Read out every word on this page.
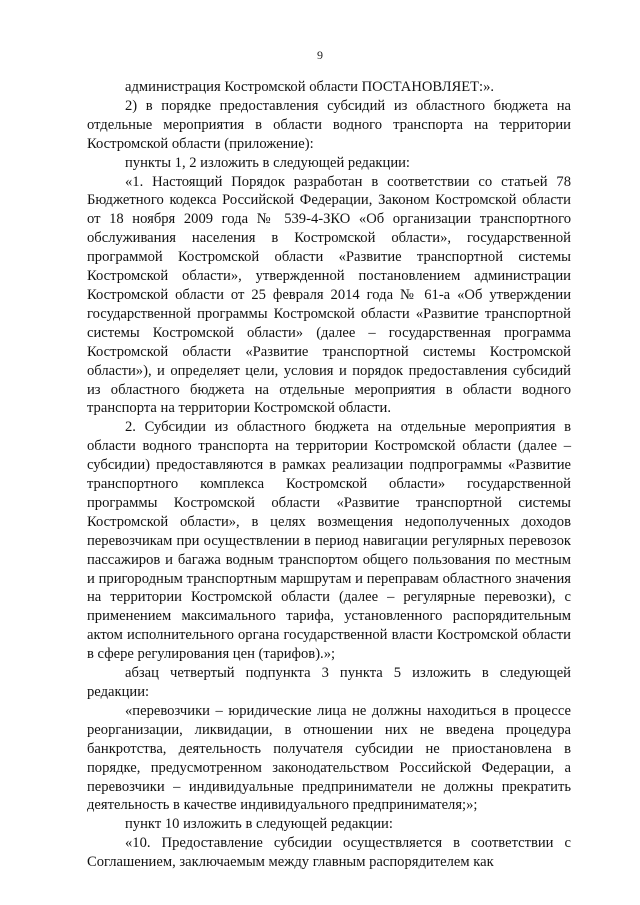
9

администрация Костромской области ПОСТАНОВЛЯЕТ:».

2) в порядке предоставления субсидий из областного бюджета на отдельные мероприятия в области водного транспорта на территории Костромской области (приложение):

пункты 1, 2 изложить в следующей редакции:

«1. Настоящий Порядок разработан в соответствии со статьей 78 Бюджетного кодекса Российской Федерации, Законом Костромской области от 18 ноября 2009 года № 539-4-ЗКО «Об организации транспортного обслуживания населения в Костромской области», государственной программой Костромской области «Развитие транспортной системы Костромской области», утвержденной постановлением администрации Костромской области от 25 февраля 2014 года № 61-а «Об утверждении государственной программы Костромской области «Развитие транспортной системы Костромской области» (далее – государственная программа Костромской области «Развитие транспортной системы Костромской области»), и определяет цели, условия и порядок предоставления субсидий из областного бюджета на отдельные мероприятия в области водного транспорта на территории Костромской области.

2. Субсидии из областного бюджета на отдельные мероприятия в области водного транспорта на территории Костромской области (далее – субсидии) предоставляются в рамках реализации подпрограммы «Развитие транспортного комплекса Костромской области» государственной программы Костромской области «Развитие транспортной системы Костромской области», в целях возмещения недополученных доходов перевозчикам при осуществлении в период навигации регулярных перевозок пассажиров и багажа водным транспортом общего пользования по местным и пригородным транспортным маршрутам и переправам областного значения на территории Костромской области (далее – регулярные перевозки), с применением максимального тарифа, установленного распорядительным актом исполнительного органа государственной власти Костромской области в сфере регулирования цен (тарифов).»;

абзац четвертый подпункта 3 пункта 5 изложить в следующей редакции:

«перевозчики – юридические лица не должны находиться в процессе реорганизации, ликвидации, в отношении них не введена процедура банкротства, деятельность получателя субсидии не приостановлена в порядке, предусмотренном законодательством Российской Федерации, а перевозчики – индивидуальные предприниматели не должны прекратить деятельность в качестве индивидуального предпринимателя;»;

пункт 10 изложить в следующей редакции:

«10. Предоставление субсидии осуществляется в соответствии с Соглашением, заключаемым между главным распорядителем как
